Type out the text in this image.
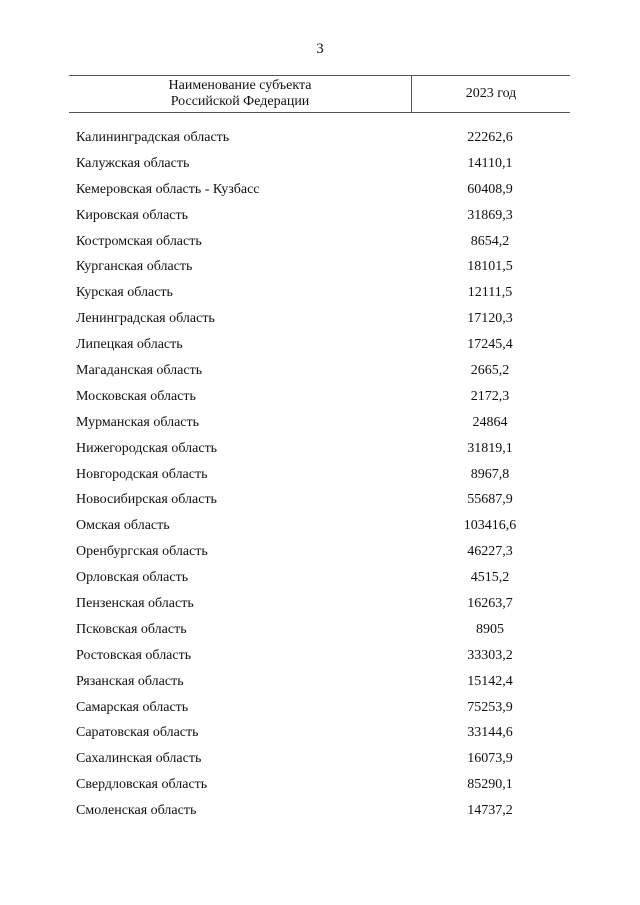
3
Наименование субъекта
Российской Федерации
2023 год
Калининградская область	22262,6
Калужская область	14110,1
Кемеровская область - Кузбасс	60408,9
Кировская область	31869,3
Костромская область	8654,2
Курганская область	18101,5
Курская область	12111,5
Ленинградская область	17120,3
Липецкая область	17245,4
Магаданская область	2665,2
Московская область	2172,3
Мурманская область	24864
Нижегородская область	31819,1
Новгородская область	8967,8
Новосибирская область	55687,9
Омская область	103416,6
Оренбургская область	46227,3
Орловская область	4515,2
Пензенская область	16263,7
Псковская область	8905
Ростовская область	33303,2
Рязанская область	15142,4
Самарская область	75253,9
Саратовская область	33144,6
Сахалинская область	16073,9
Свердловская область	85290,1
Смоленская область	14737,2
